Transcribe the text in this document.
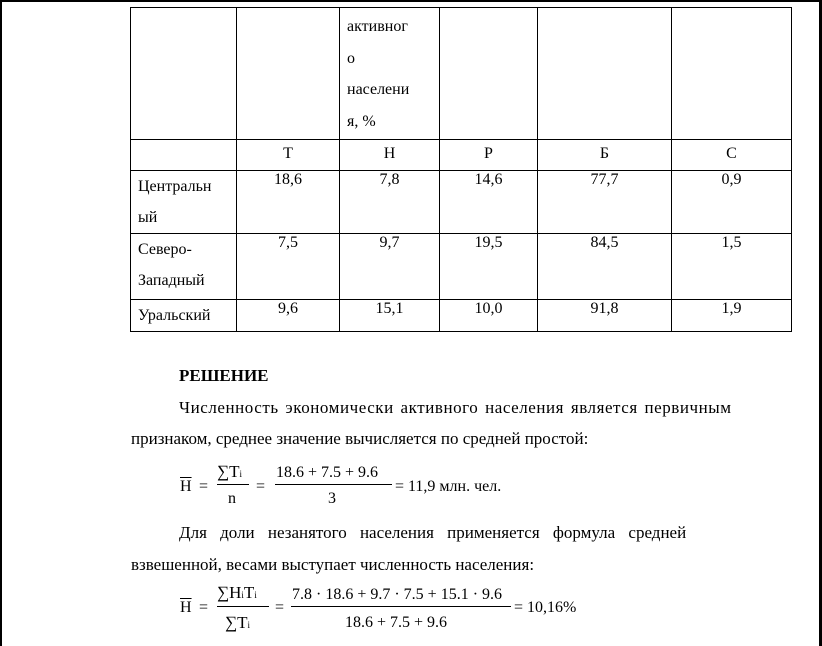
		активног
о
населени
я, %			

	Т	Н	Р	Б	С

Центральн
ый	18,6	7,8	14,6	77,7	0,9

Северо-
Западный	7,5	9,7	19,5	84,5	1,5

Уральский	9,6	15,1	10,0	91,8	1,9
РЕШЕНИЕ
Численность экономически активного населения является первичным
признаком, среднее значение вычисляется по средней простой:
Н =
∑Тi
n
=
18.6 + 7.5 + 9.6
3
= 11,9 млн. чел.
Для доли незанятого населения применяется формула средней
взвешенной, весами выступает численность населения:
Н =
∑НiТi
∑Тi
=
7.8 · 18.6 + 9.7 · 7.5 + 15.1 · 9.6
18.6 + 7.5 + 9.6
= 10,16%
